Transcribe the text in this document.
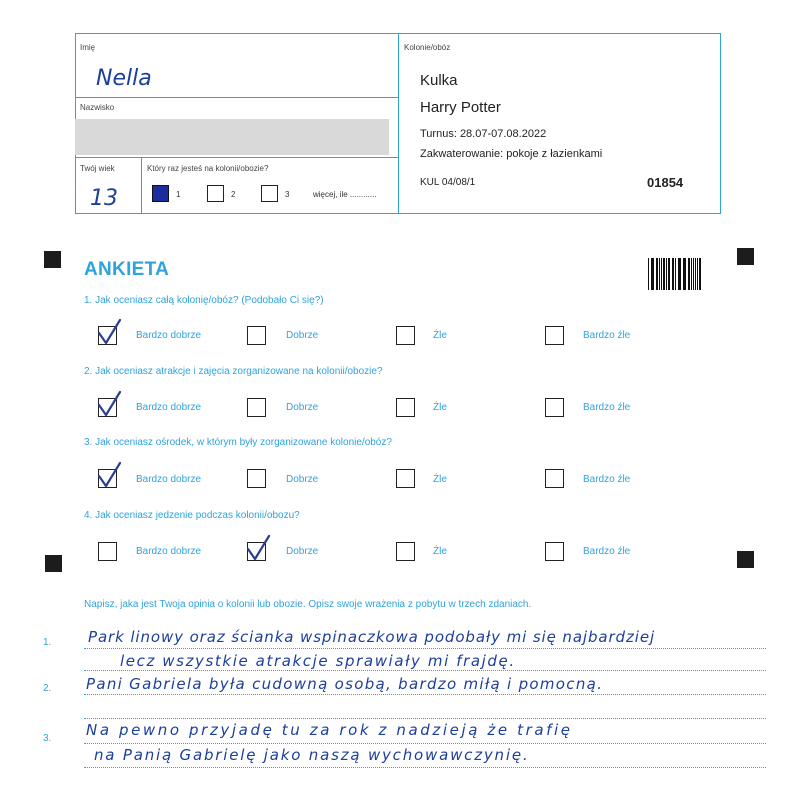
Imię
Nella
Nazwisko
Twój wiek
13
Który raz jesteś na kolonii/obozie?
1	2	3	więcej, ile ............
Kolonie/obóz
Kulka
Harry Potter
Turnus: 28.07-07.08.2022
Zakwaterowanie: pokoje z łazienkami
KUL 04/08/1	01854
ANKIETA
1. Jak oceniasz całą kolonię/obóz? (Podobało Ci się?)
2. Jak oceniasz atrakcje i zajęcia zorganizowane na kolonii/obozie?
3. Jak oceniasz ośrodek, w którym były zorganizowane kolonie/obóz?
4. Jak oceniasz jedzenie podczas kolonii/obozu?
Bardzo dobrze	Dobrze	Źle	Bardzo źle
Bardzo dobrze	Dobrze	Źle	Bardzo źle
Bardzo dobrze	Dobrze	Źle	Bardzo źle
Bardzo dobrze	Dobrze	Źle	Bardzo źle
Napisz, jaka jest Twoja opinia o kolonii lub obozie. Opisz swoje wrażenia z pobytu w trzech zdaniach.
1.
2.
3.
Park linowy oraz ścianka wspinaczkowa podobały mi się najbardziej
lecz wszystkie atrakcje sprawiały mi frajdę.
Pani Gabriela była cudowną osobą, bardzo miłą i pomocną.
Na pewno przyjadę tu za rok z nadzieją że trafię
na Panią Gabrielę jako naszą wychowawczynię.
